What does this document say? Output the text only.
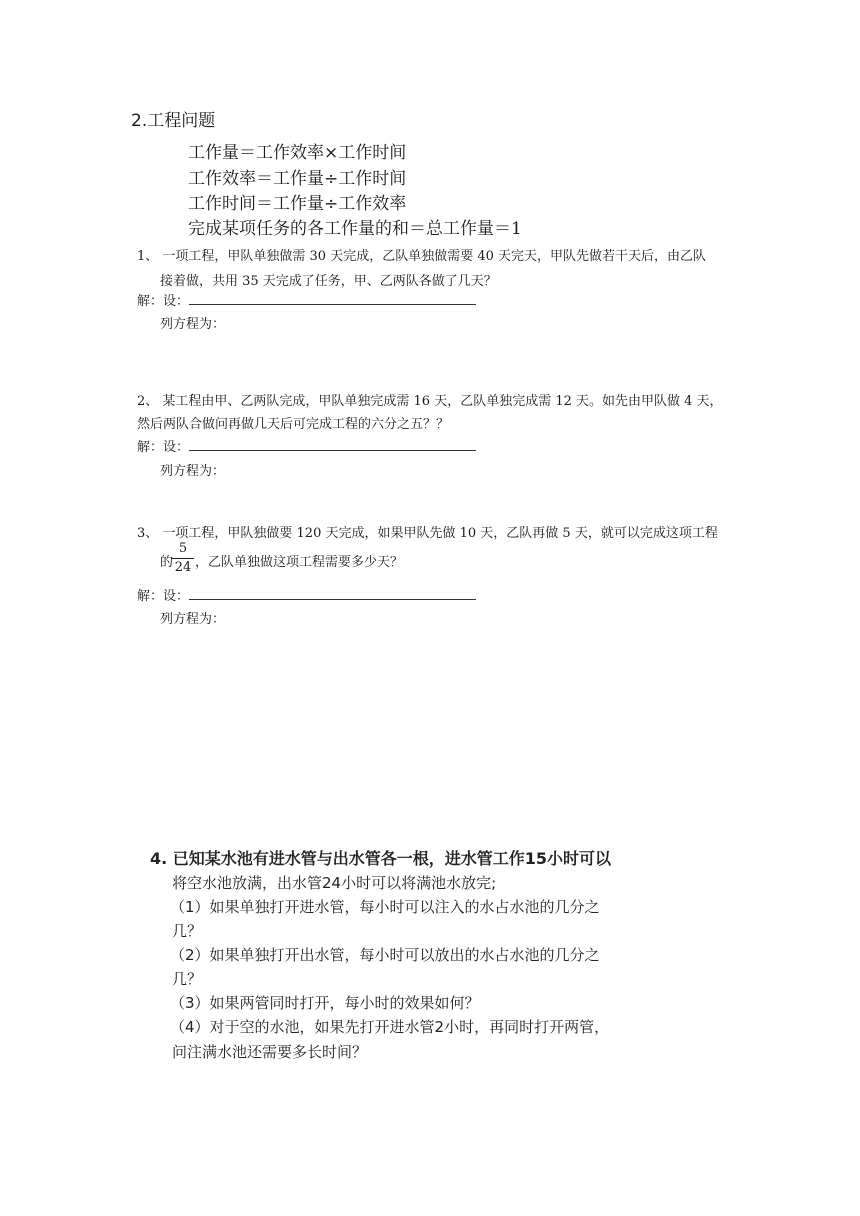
2.工程问题
工作量＝工作效率×工作时间
工作效率＝工作量÷工作时间
工作时间＝工作量÷工作效率
完成某项任务的各工作量的和＝总工作量＝1
1、 一项工程，甲队单独做需 30 天完成，乙队单独做需要 40 天完天，甲队先做若干天后，由乙队
接着做，共用 35 天完成了任务，甲、乙两队各做了几天？
解：设：
列方程为：
2、 某工程由甲、乙两队完成，甲队单独完成需 16 天，乙队单独完成需 12 天。如先由甲队做 4 天，
然后两队合做问再做几天后可完成工程的六分之五？？
解：设：
列方程为：
3、 一项工程，甲队独做要 120 天完成，如果甲队先做 10 天，乙队再做 5 天，就可以完成这项工程
的
5
24 ，乙队单独做这项工程需要多少天？
解：设：
列方程为：
4. 已知某水池有进水管与出水管各一根，进水管工作15小时可以
将空水池放满，出水管24小时可以将满池水放完;
（1）如果单独打开进水管，每小时可以注入的水占水池的几分之
几？
（2）如果单独打开出水管，每小时可以放出的水占水池的几分之
几？
（3）如果两管同时打开，每小时的效果如何？
（4）对于空的水池，如果先打开进水管2小时，再同时打开两管，
问注满水池还需要多长时间？
